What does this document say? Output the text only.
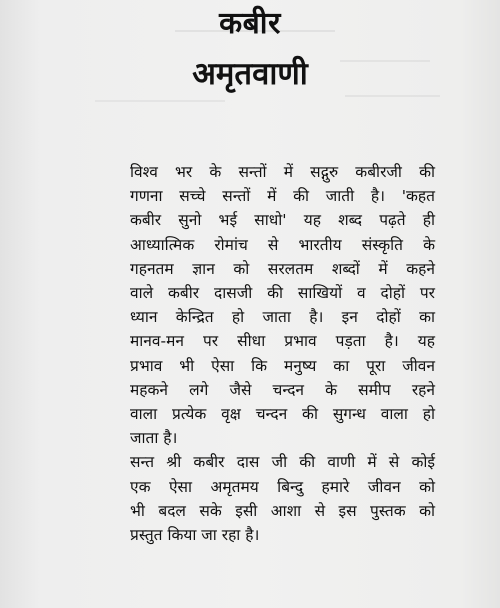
कबीर
अमृतवाणी

विश्व भर के सन्तों में सद्गुरु कबीरजी की
गणना सच्चे सन्तों में की जाती है। 'कहत
कबीर सुनो भई साधो' यह शब्द पढ़ते ही
आध्यात्मिक रोमांच से भारतीय संस्कृति के
गहनतम ज्ञान को सरलतम शब्दों में कहने
वाले कबीर दासजी की साखियों व दोहों पर
ध्यान केन्द्रित हो जाता है। इन दोहों का
मानव-मन पर सीधा प्रभाव पड़ता है। यह
प्रभाव भी ऐसा कि मनुष्य का पूरा जीवन
महकने लगे जैसे चन्दन के समीप रहने
वाला प्रत्येक वृक्ष चन्दन की सुगन्ध वाला हो
जाता है।

सन्त श्री कबीर दास जी की वाणी में से कोई
एक ऐसा अमृतमय बिन्दु हमारे जीवन को
भी बदल सके इसी आशा से इस पुस्तक को
प्रस्तुत किया जा रहा है।
